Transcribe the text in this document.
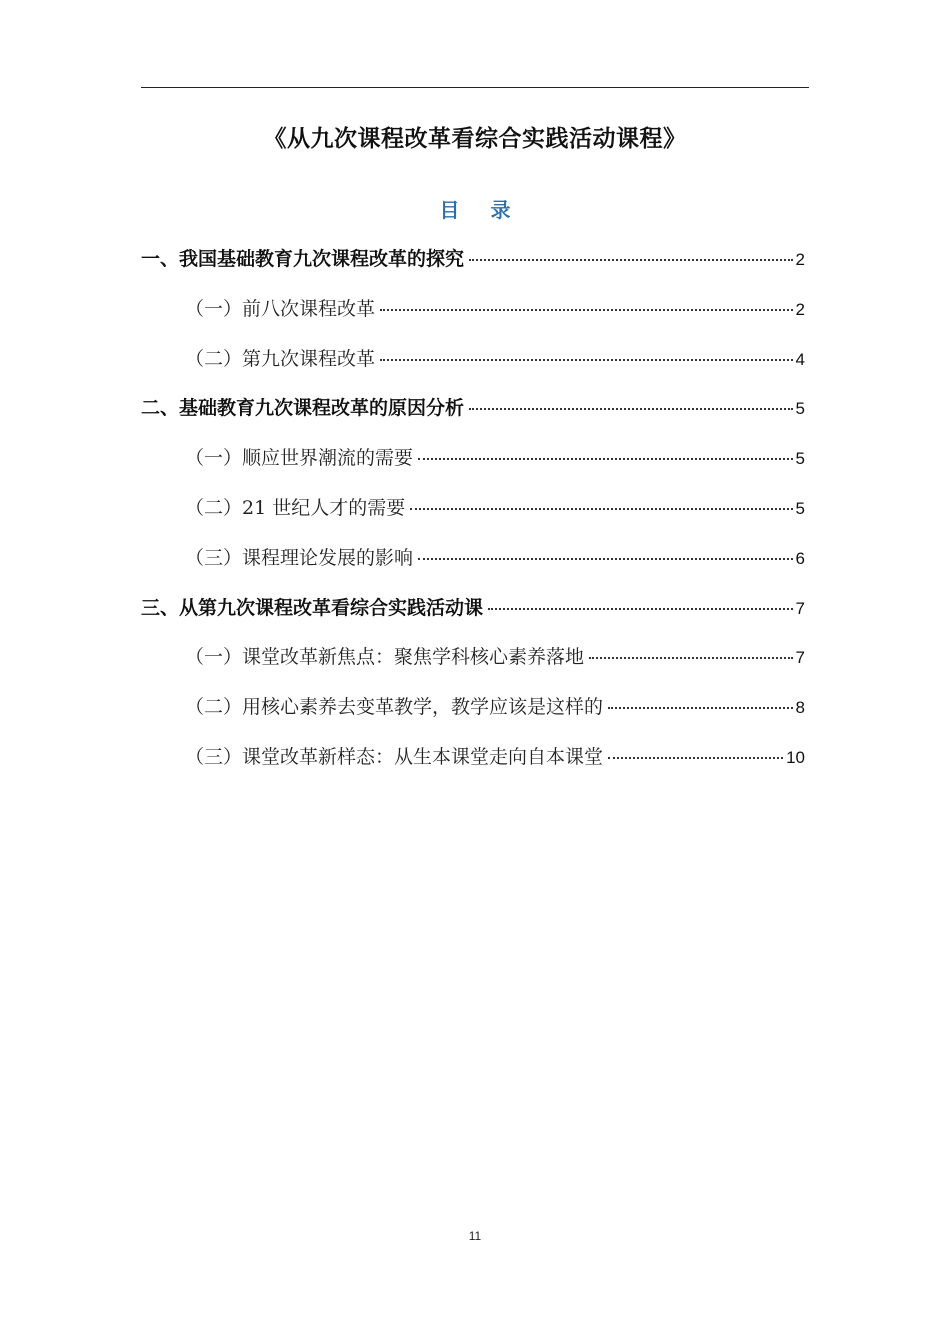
《从九次课程改革看综合实践活动课程》
目 录
一、我国基础教育九次课程改革的探究	2
（一）前八次课程改革	2
（二）第九次课程改革	4
二、基础教育九次课程改革的原因分析	5
（一）顺应世界潮流的需要	5
（二）21 世纪人才的需要	5
（三）课程理论发展的影响	6
三、从第九次课程改革看综合实践活动课	7
（一）课堂改革新焦点：聚焦学科核心素养落地	7
（二）用核心素养去变革教学，教学应该是这样的	8
（三）课堂改革新样态：从生本课堂走向自本课堂	10
11
